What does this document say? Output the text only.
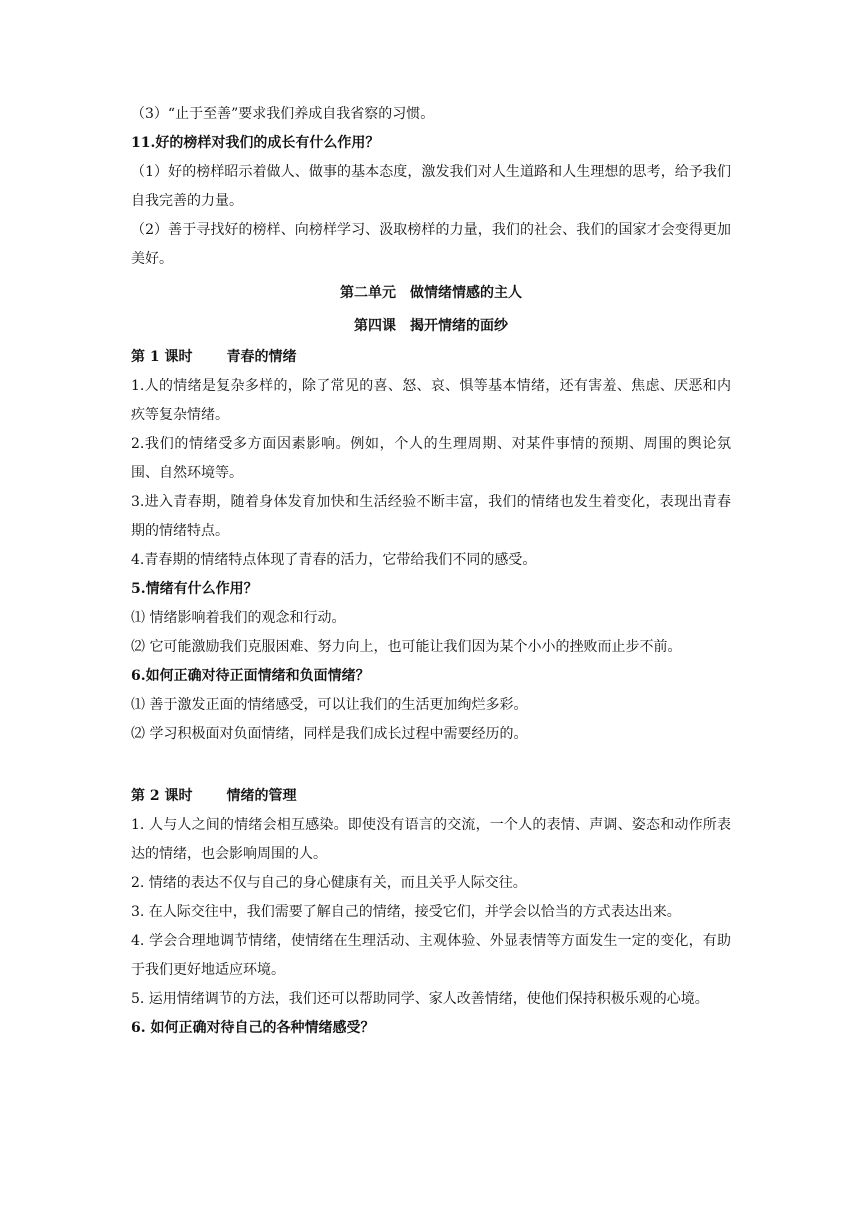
（3）“止于至善”要求我们养成自我省察的习惯。

11.好的榜样对我们的成长有什么作用？

（1）好的榜样昭示着做人、做事的基本态度，激发我们对人生道路和人生理想的思考，给予我们自我完善的力量。

（2）善于寻找好的榜样、向榜样学习、汲取榜样的力量，我们的社会、我们的国家才会变得更加美好。

第二单元　做情绪情感的主人

第四课　揭开情绪的面纱

第 1 课时 青春的情绪

1.人的情绪是复杂多样的，除了常见的喜、怒、哀、惧等基本情绪，还有害羞、焦虑、厌恶和内疚等复杂情绪。

2.我们的情绪受多方面因素影响。例如，个人的生理周期、对某件事情的预期、周围的舆论氛围、自然环境等。

3.进入青春期，随着身体发育加快和生活经验不断丰富，我们的情绪也发生着变化，表现出青春期的情绪特点。

4.青春期的情绪特点体现了青春的活力，它带给我们不同的感受。

5.情绪有什么作用？

⑴ 情绪影响着我们的观念和行动。

⑵ 它可能激励我们克服困难、努力向上，也可能让我们因为某个小小的挫败而止步不前。

6.如何正确对待正面情绪和负面情绪？

⑴ 善于激发正面的情绪感受，可以让我们的生活更加绚烂多彩。

⑵ 学习积极面对负面情绪，同样是我们成长过程中需要经历的。

第 2 课时 情绪的管理

1. 人与人之间的情绪会相互感染。即使没有语言的交流，一个人的表情、声调、姿态和动作所表达的情绪，也会影响周围的人。

2. 情绪的表达不仅与自己的身心健康有关，而且关乎人际交往。

3. 在人际交往中，我们需要了解自己的情绪，接受它们，并学会以恰当的方式表达出来。

4. 学会合理地调节情绪，使情绪在生理活动、主观体验、外显表情等方面发生一定的变化，有助于我们更好地适应环境。

5. 运用情绪调节的方法，我们还可以帮助同学、家人改善情绪，使他们保持积极乐观的心境。

6. 如何正确对待自己的各种情绪感受？
